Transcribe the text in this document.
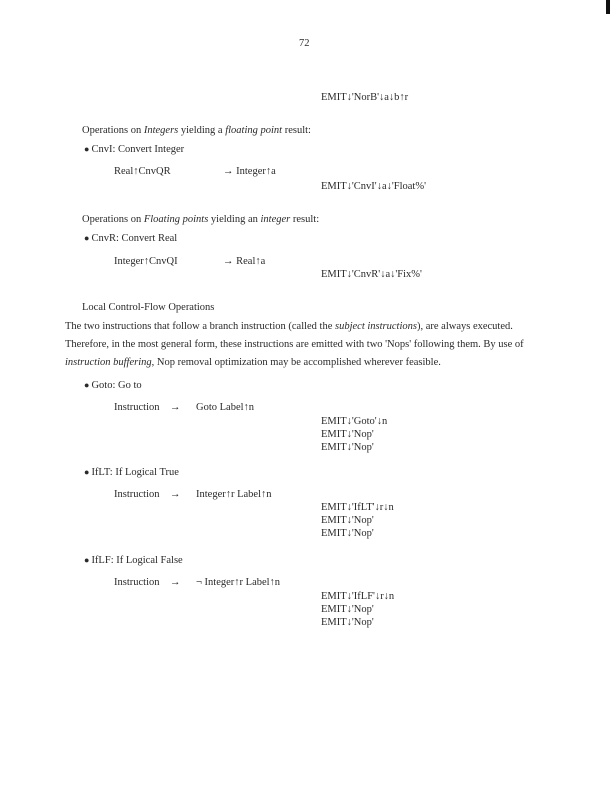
72
EMIT↓'NorB'↓a↓b↑r
Operations on Integers yielding a floating point result:
● CnvI: Convert Integer
Real↑CnvQR	→ Integer↑a
EMIT↓'CnvI'↓a↓'Float%'
Operations on Floating points yielding an integer result:
● CnvR: Convert Real
Integer↑CnvQI	→ Real↑a
EMIT↓'CnvR'↓a↓'Fix%'
Local Control-Flow Operations
The two instructions that follow a branch instruction (called the subject instructions), are always executed.
Therefore, in the most general form, these instructions are emitted with two 'Nops' following them. By use of
instruction buffering, Nop removal optimization may be accomplished wherever feasible.
● Goto: Go to
Instruction → Goto Label↑n
EMIT↓'Goto'↓n
EMIT↓'Nop'
EMIT↓'Nop'
● IfLT: If Logical True
Instruction → Integer↑r Label↑n
EMIT↓'IfLT'↓r↓n
EMIT↓'Nop'
EMIT↓'Nop'
● IfLF: If Logical False
Instruction → ¬ Integer↑r Label↑n
EMIT↓'IfLF'↓r↓n
EMIT↓'Nop'
EMIT↓'Nop'
